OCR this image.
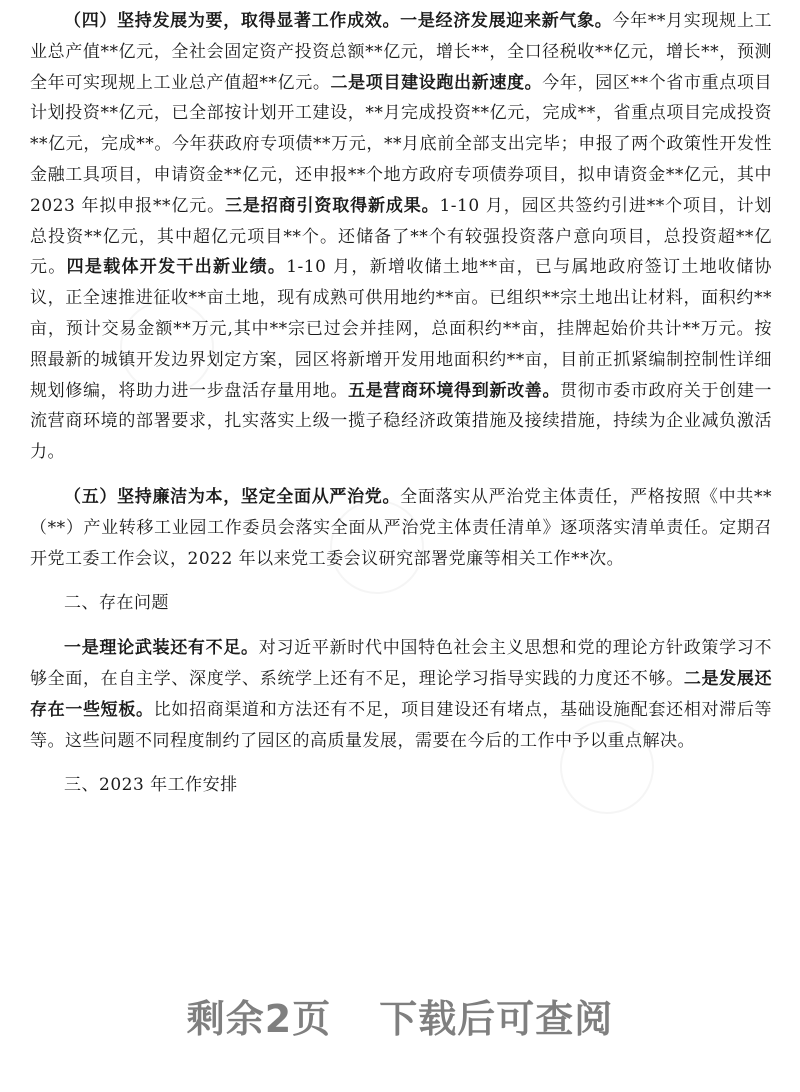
（四）坚持发展为要，取得显著工作成效。一是经济发展迎来新气象。今年**月实现规上工业总产值**亿元，全社会固定资产投资总额**亿元，增长**，全口径税收**亿元，增长**，预测全年可实现规上工业总产值超**亿元。二是项目建设跑出新速度。今年，园区**个省市重点项目计划投资**亿元，已全部按计划开工建设，**月完成投资**亿元，完成**，省重点项目完成投资**亿元，完成**。今年获政府专项债**万元，**月底前全部支出完毕；申报了两个政策性开发性金融工具项目，申请资金**亿元，还申报**个地方政府专项债券项目，拟申请资金**亿元，其中 2023 年拟申报**亿元。三是招商引资取得新成果。1-10 月，园区共签约引进**个项目，计划总投资**亿元，其中超亿元项目**个。还储备了**个有较强投资落户意向项目，总投资超**亿元。四是载体开发干出新业绩。1-10 月，新增收储土地**亩，已与属地政府签订土地收储协议，正全速推进征收**亩土地，现有成熟可供用地约**亩。已组织**宗土地出让材料，面积约**亩，预计交易金额**万元,其中**宗已过会并挂网，总面积约**亩，挂牌起始价共计**万元。按照最新的城镇开发边界划定方案，园区将新增开发用地面积约**亩，目前正抓紧编制控制性详细规划修编，将助力进一步盘活存量用地。五是营商环境得到新改善。贯彻市委市政府关于创建一流营商环境的部署要求，扎实落实上级一揽子稳经济政策措施及接续措施，持续为企业减负激活力。

（五）坚持廉洁为本，坚定全面从严治党。全面落实从严治党主体责任，严格按照《中共**（**）产业转移工业园工作委员会落实全面从严治党主体责任清单》逐项落实清单责任。定期召开党工委工作会议，2022 年以来党工委会议研究部署党廉等相关工作**次。

二、存在问题

一是理论武装还有不足。对习近平新时代中国特色社会主义思想和党的理论方针政策学习不够全面，在自主学、深度学、系统学上还有不足，理论学习指导实践的力度还不够。二是发展还存在一些短板。比如招商渠道和方法还有不足，项目建设还有堵点，基础设施配套还相对滞后等等。这些问题不同程度制约了园区的高质量发展，需要在今后的工作中予以重点解决。

三、2023 年工作安排

剩余2页 下载后可查阅
